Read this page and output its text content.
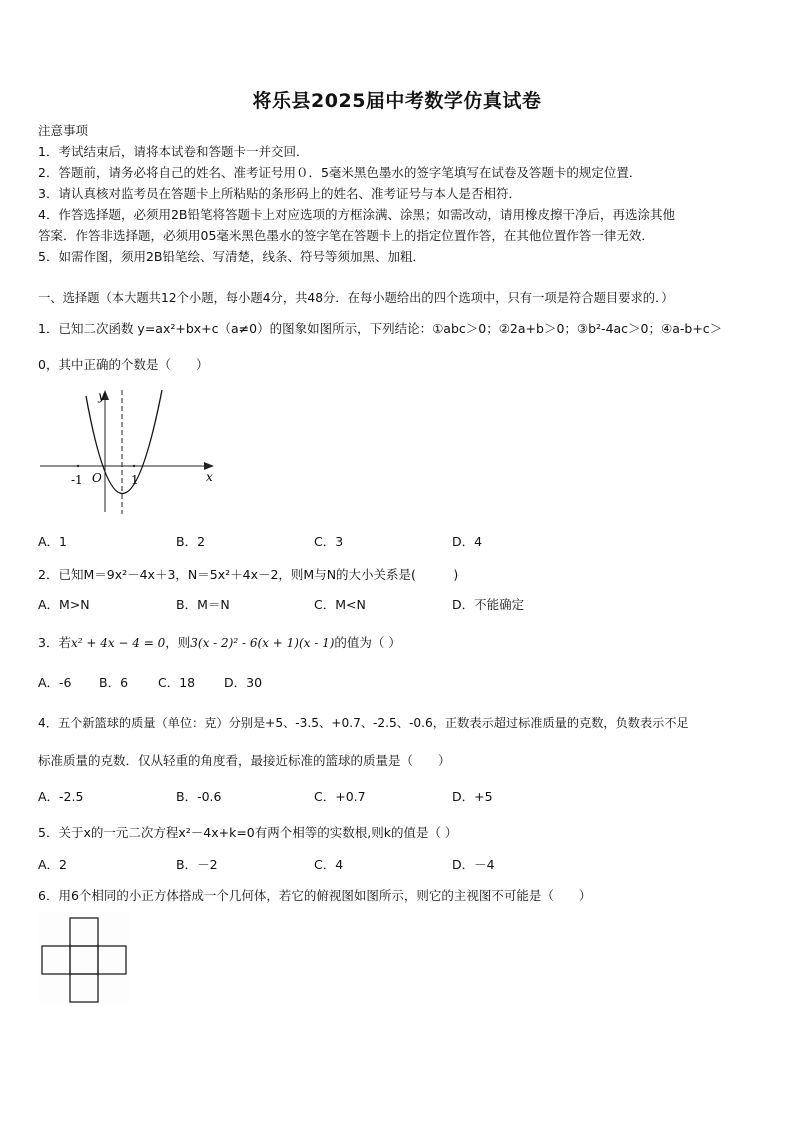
将乐县2025届中考数学仿真试卷
注意事项
1．考试结束后，请将本试卷和答题卡一并交回．
2．答题前，请务必将自己的姓名、准考证号用０．5毫米黑色墨水的签字笔填写在试卷及答题卡的规定位置．
3．请认真核对监考员在答题卡上所粘贴的条形码上的姓名、准考证号与本人是否相符．
4．作答选择题，必须用2B铅笔将答题卡上对应选项的方框涂满、涂黑；如需改动，请用橡皮擦干净后，再选涂其他
答案．作答非选择题，必须用05毫米黑色墨水的签字笔在答题卡上的指定位置作答，在其他位置作答一律无效．
5．如需作图，须用2B铅笔绘、写清楚，线条、符号等须加黑、加粗．
一、选择题（本大题共12个小题，每小题4分，共48分．在每小题给出的四个选项中，只有一项是符合题目要求的．）
1．已知二次函数 y=ax²+bx+c（a≠0）的图象如图所示，下列结论：①abc＞0；②2a+b＞0；③b²-4ac＞0；④a-b+c＞
0，其中正确的个数是（　　）
y
x
O
-1	1
A．1	B．2	C．3	D．4
2．已知M＝9x²－4x＋3，N＝5x²＋4x－2，则M与N的大小关系是(　　　)
A．M>N	B．M＝N	C．M<N	D．不能确定
3．若x² + 4x − 4 = 0，则3(x - 2)² - 6(x + 1)(x - 1)的值为（ ）
A．-6 B．6 C．18 D．30
4．五个新篮球的质量（单位：克）分别是+5、-3.5、+0.7、-2.5、-0.6，正数表示超过标准质量的克数，负数表示不足
标准质量的克数．仅从轻重的角度看，最接近标准的篮球的质量是（　　）
A．-2.5	B．-0.6	C．+0.7	D．+5
5．关于x的一元二次方程x²－4x+k=0有两个相等的实数根,则k的值是（ ）
A．2	B．－2	C．4	D．－4
6．用6个相同的小正方体搭成一个几何体，若它的俯视图如图所示，则它的主视图不可能是（　　）
